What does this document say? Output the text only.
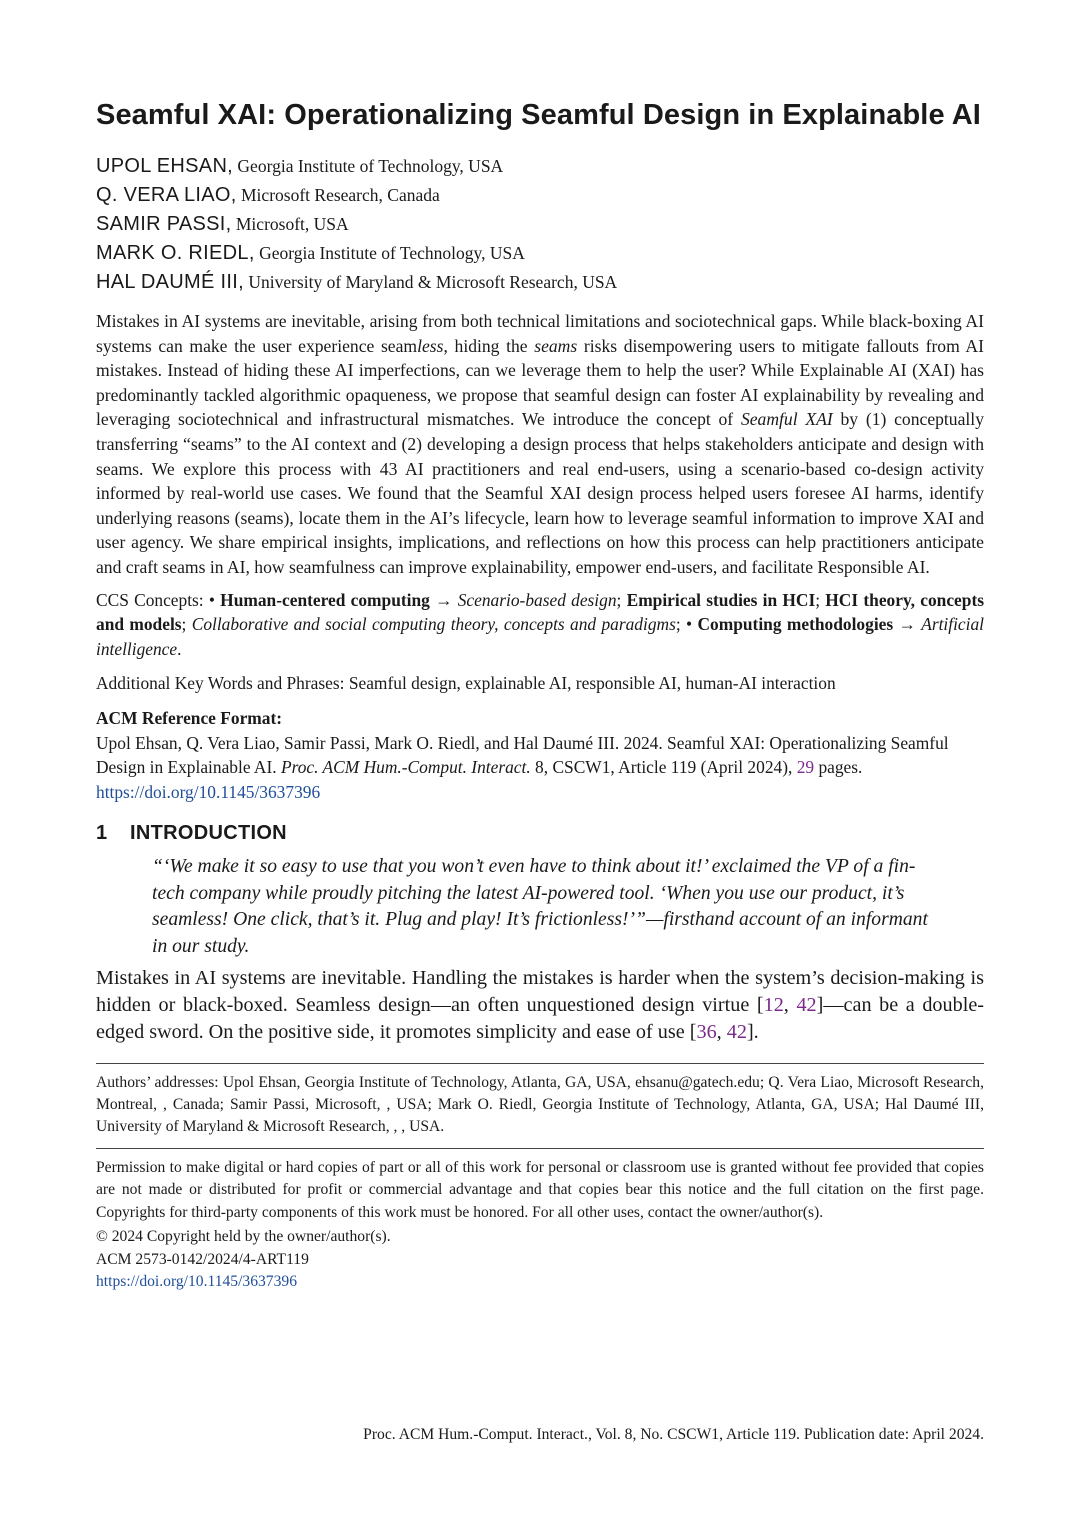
Seamful XAI: Operationalizing Seamful Design in Explainable AI
UPOL EHSAN, Georgia Institute of Technology, USA
Q. VERA LIAO, Microsoft Research, Canada
SAMIR PASSI, Microsoft, USA
MARK O. RIEDL, Georgia Institute of Technology, USA
HAL DAUMÉ III, University of Maryland & Microsoft Research, USA
Mistakes in AI systems are inevitable, arising from both technical limitations and sociotechnical gaps. While black-boxing AI systems can make the user experience seamless, hiding the seams risks disempowering users to mitigate fallouts from AI mistakes. Instead of hiding these AI imperfections, can we leverage them to help the user? While Explainable AI (XAI) has predominantly tackled algorithmic opaqueness, we propose that seamful design can foster AI explainability by revealing and leveraging sociotechnical and infrastructural mismatches. We introduce the concept of Seamful XAI by (1) conceptually transferring “seams” to the AI context and (2) developing a design process that helps stakeholders anticipate and design with seams. We explore this process with 43 AI practitioners and real end-users, using a scenario-based co-design activity informed by real-world use cases. We found that the Seamful XAI design process helped users foresee AI harms, identify underlying reasons (seams), locate them in the AI’s lifecycle, learn how to leverage seamful information to improve XAI and user agency. We share empirical insights, implications, and reflections on how this process can help practitioners anticipate and craft seams in AI, how seamfulness can improve explainability, empower end-users, and facilitate Responsible AI.
CCS Concepts: • Human-centered computing → Scenario-based design; Empirical studies in HCI; HCI theory, concepts and models; Collaborative and social computing theory, concepts and paradigms; • Computing methodologies → Artificial intelligence.
Additional Key Words and Phrases: Seamful design, explainable AI, responsible AI, human-AI interaction
ACM Reference Format:
Upol Ehsan, Q. Vera Liao, Samir Passi, Mark O. Riedl, and Hal Daumé III. 2024. Seamful XAI: Operationalizing Seamful Design in Explainable AI. Proc. ACM Hum.-Comput. Interact. 8, CSCW1, Article 119 (April 2024), 29 pages. https://doi.org/10.1145/3637396
1 INTRODUCTION
“‘We make it so easy to use that you won’t even have to think about it!’ exclaimed the VP of a fin-tech company while proudly pitching the latest AI-powered tool. ‘When you use our product, it’s seamless! One click, that’s it. Plug and play! It’s frictionless!’”—firsthand account of an informant in our study.
Mistakes in AI systems are inevitable. Handling the mistakes is harder when the system’s decision-making is hidden or black-boxed. Seamless design—an often unquestioned design virtue [12, 42]—can be a double-edged sword. On the positive side, it promotes simplicity and ease of use [36, 42].
Authors’ addresses: Upol Ehsan, Georgia Institute of Technology, Atlanta, GA, USA, ehsanu@gatech.edu; Q. Vera Liao, Microsoft Research, Montreal, , Canada; Samir Passi, Microsoft, , USA; Mark O. Riedl, Georgia Institute of Technology, Atlanta, GA, USA; Hal Daumé III, University of Maryland & Microsoft Research, , , USA.
Permission to make digital or hard copies of part or all of this work for personal or classroom use is granted without fee provided that copies are not made or distributed for profit or commercial advantage and that copies bear this notice and the full citation on the first page. Copyrights for third-party components of this work must be honored. For all other uses, contact the owner/author(s).
© 2024 Copyright held by the owner/author(s).
ACM 2573-0142/2024/4-ART119
https://doi.org/10.1145/3637396
Proc. ACM Hum.-Comput. Interact., Vol. 8, No. CSCW1, Article 119. Publication date: April 2024.
